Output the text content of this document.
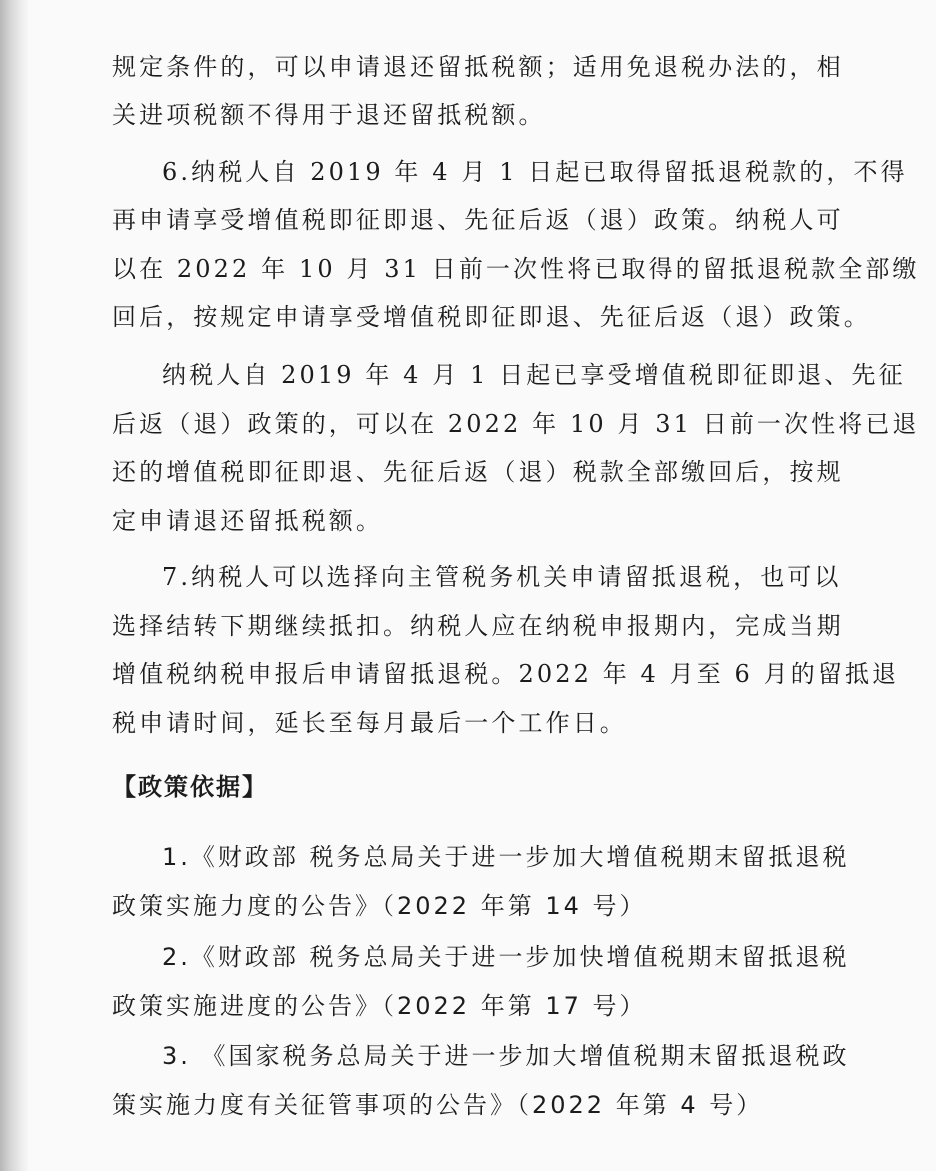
规定条件的，可以申请退还留抵税额；适用免退税办法的，相
关进项税额不得用于退还留抵税额。
6.纳税人自 2019 年 4 月 1 日起已取得留抵退税款的，不得
再申请享受增值税即征即退、先征后返（退）政策。纳税人可
以在 2022 年 10 月 31 日前一次性将已取得的留抵退税款全部缴
回后，按规定申请享受增值税即征即退、先征后返（退）政策。
纳税人自 2019 年 4 月 1 日起已享受增值税即征即退、先征
后返（退）政策的，可以在 2022 年 10 月 31 日前一次性将已退
还的增值税即征即退、先征后返（退）税款全部缴回后，按规
定申请退还留抵税额。
7.纳税人可以选择向主管税务机关申请留抵退税，也可以
选择结转下期继续抵扣。纳税人应在纳税申报期内，完成当期
增值税纳税申报后申请留抵退税。2022 年 4 月至 6 月的留抵退
税申请时间，延长至每月最后一个工作日。
【政策依据】
1.《财政部 税务总局关于进一步加大增值税期末留抵退税
政策实施力度的公告》（2022 年第 14 号）
2.《财政部 税务总局关于进一步加快增值税期末留抵退税
政策实施进度的公告》（2022 年第 17 号）
3. 《国家税务总局关于进一步加大增值税期末留抵退税政
策实施力度有关征管事项的公告》（2022 年第 4 号）
